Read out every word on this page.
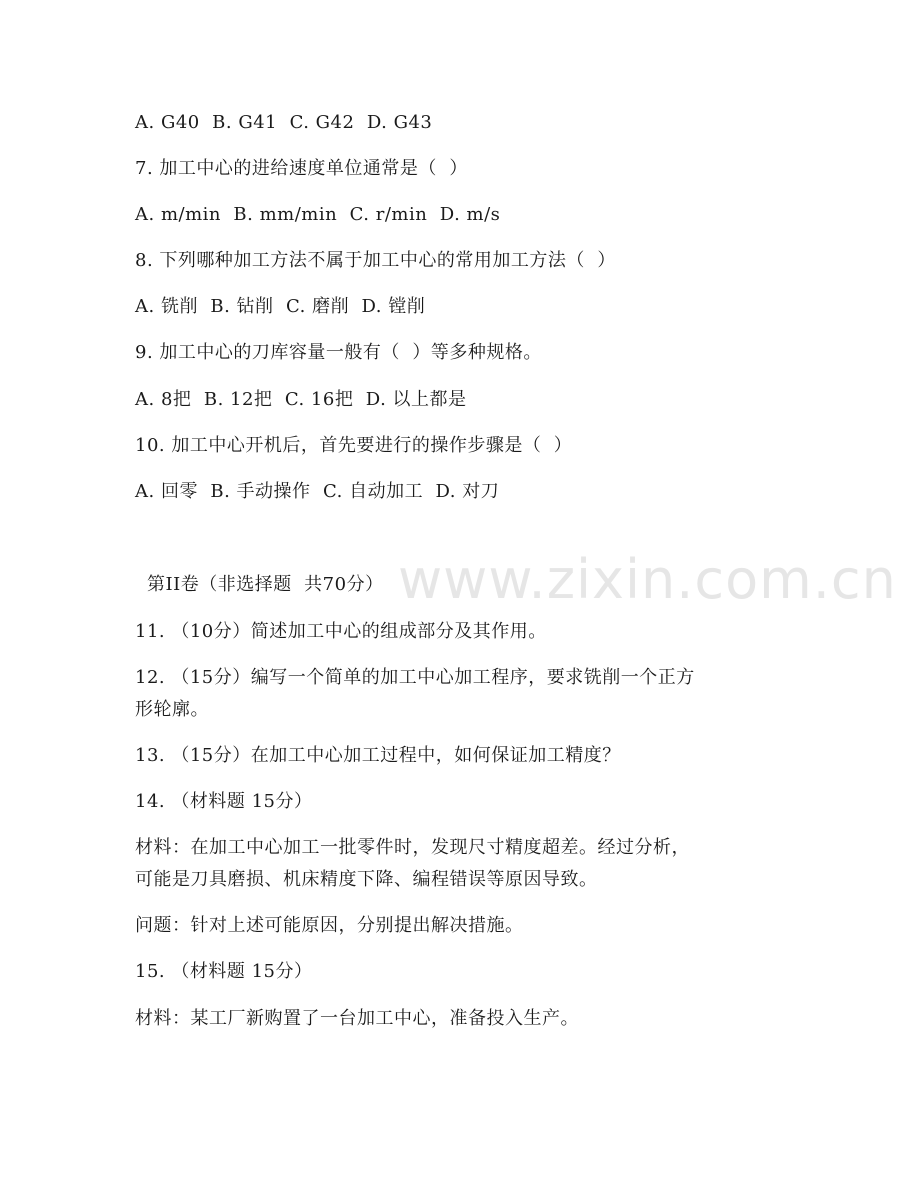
www.zixin.com.cn
A. G40  B. G41  C. G42  D. G43
7. 加工中心的进给速度单位通常是（  ）
A. m/min  B. mm/min  C. r/min  D. m/s
8. 下列哪种加工方法不属于加工中心的常用加工方法（  ）
A. 铣削  B. 钻削  C. 磨削  D. 镗削
9. 加工中心的刀库容量一般有（  ）等多种规格。
A. 8把  B. 12把  C. 16把  D. 以上都是
10. 加工中心开机后，首先要进行的操作步骤是（  ）
A. 回零  B. 手动操作  C. 自动加工  D. 对刀
第II卷（非选择题  共70分）
11. （10分）简述加工中心的组成部分及其作用。
12. （15分）编写一个简单的加工中心加工程序，要求铣削一个正方
形轮廓。
13. （15分）在加工中心加工过程中，如何保证加工精度？
14. （材料题 15分）
材料：在加工中心加工一批零件时，发现尺寸精度超差。经过分析，
可能是刀具磨损、机床精度下降、编程错误等原因导致。
问题：针对上述可能原因，分别提出解决措施。
15. （材料题 15分）
材料：某工厂新购置了一台加工中心，准备投入生产。
